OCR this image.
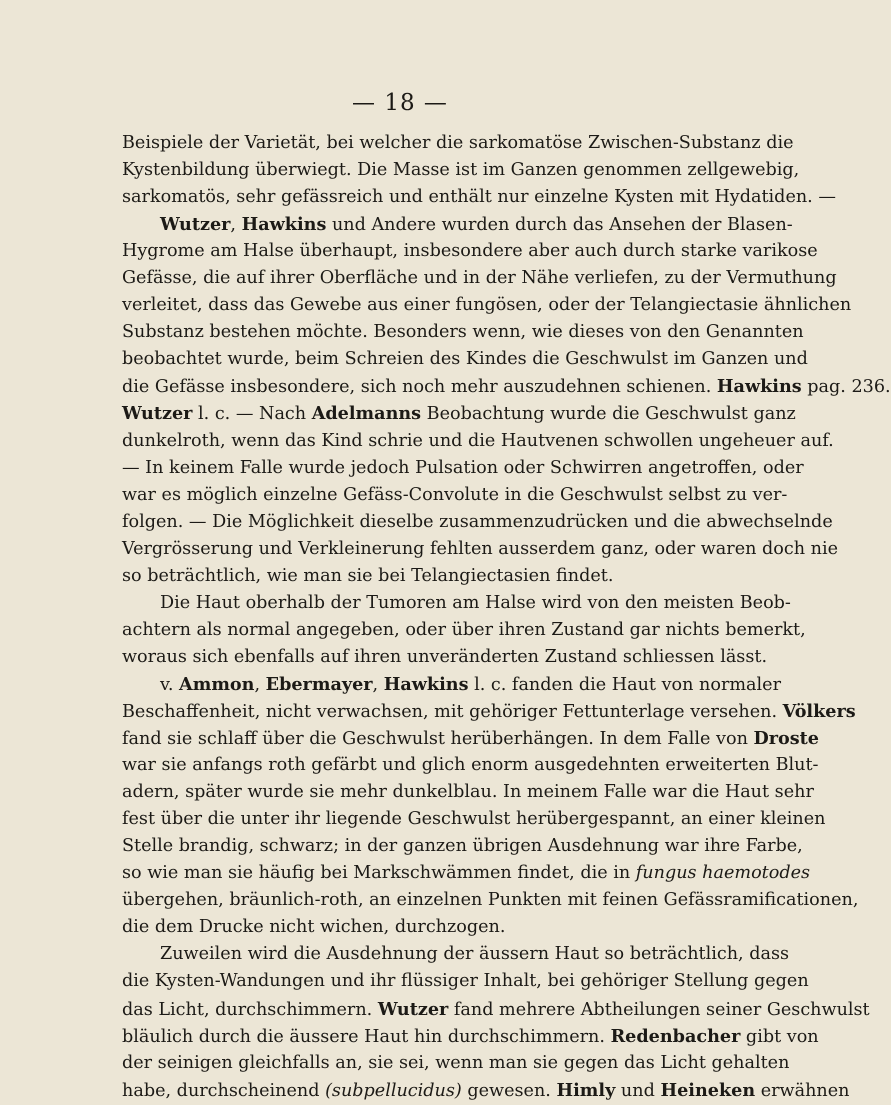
— 18 —
Beispiele der Varietät, bei welcher die sarkomatöse Zwischen-Substanz die
Kystenbildung überwiegt. Die Masse ist im Ganzen genommen zellgewebig,
sarkomatös, sehr gefässreich und enthält nur einzelne Kysten mit Hydatiden. —
Wutzer, Hawkins und Andere wurden durch das Ansehen der Blasen-
Hygrome am Halse überhaupt, insbesondere aber auch durch starke varikose
Gefässe, die auf ihrer Oberfläche und in der Nähe verliefen, zu der Vermuthung
verleitet, dass das Gewebe aus einer fungösen, oder der Telangiectasie ähnlichen
Substanz bestehen möchte. Besonders wenn, wie dieses von den Genannten
beobachtet wurde, beim Schreien des Kindes die Geschwulst im Ganzen und
die Gefässe insbesondere, sich noch mehr auszudehnen schienen. Hawkins pag. 236.
Wutzer l. c. — Nach Adelmanns Beobachtung wurde die Geschwulst ganz
dunkelroth, wenn das Kind schrie und die Hautvenen schwollen ungeheuer auf.
— In keinem Falle wurde jedoch Pulsation oder Schwirren angetroffen, oder
war es möglich einzelne Gefäss-Convolute in die Geschwulst selbst zu ver-
folgen. — Die Möglichkeit dieselbe zusammenzudrücken und die abwechselnde
Vergrösserung und Verkleinerung fehlten ausserdem ganz, oder waren doch nie
so beträchtlich, wie man sie bei Telangiectasien findet.
Die Haut oberhalb der Tumoren am Halse wird von den meisten Beob-
achtern als normal angegeben, oder über ihren Zustand gar nichts bemerkt,
woraus sich ebenfalls auf ihren unveränderten Zustand schliessen lässt.
v. Ammon, Ebermayer, Hawkins l. c. fanden die Haut von normaler
Beschaffenheit, nicht verwachsen, mit gehöriger Fettunterlage versehen. Völkers
fand sie schlaff über die Geschwulst herüberhängen. In dem Falle von Droste
war sie anfangs roth gefärbt und glich enorm ausgedehnten erweiterten Blut-
adern, später wurde sie mehr dunkelblau. In meinem Falle war die Haut sehr
fest über die unter ihr liegende Geschwulst herübergespannt, an einer kleinen
Stelle brandig, schwarz; in der ganzen übrigen Ausdehnung war ihre Farbe,
so wie man sie häufig bei Markschwämmen findet, die in fungus haemotodes
übergehen, bräunlich-roth, an einzelnen Punkten mit feinen Gefässramificationen,
die dem Drucke nicht wichen, durchzogen.
Zuweilen wird die Ausdehnung der äussern Haut so beträchtlich, dass
die Kysten-Wandungen und ihr flüssiger Inhalt, bei gehöriger Stellung gegen
das Licht, durchschimmern. Wutzer fand mehrere Abtheilungen seiner Geschwulst
bläulich durch die äussere Haut hin durchschimmern. Redenbacher gibt von
der seinigen gleichfalls an, sie sei, wenn man sie gegen das Licht gehalten
habe, durchscheinend (subpellucidus) gewesen. Himly und Heineken erwähnen
